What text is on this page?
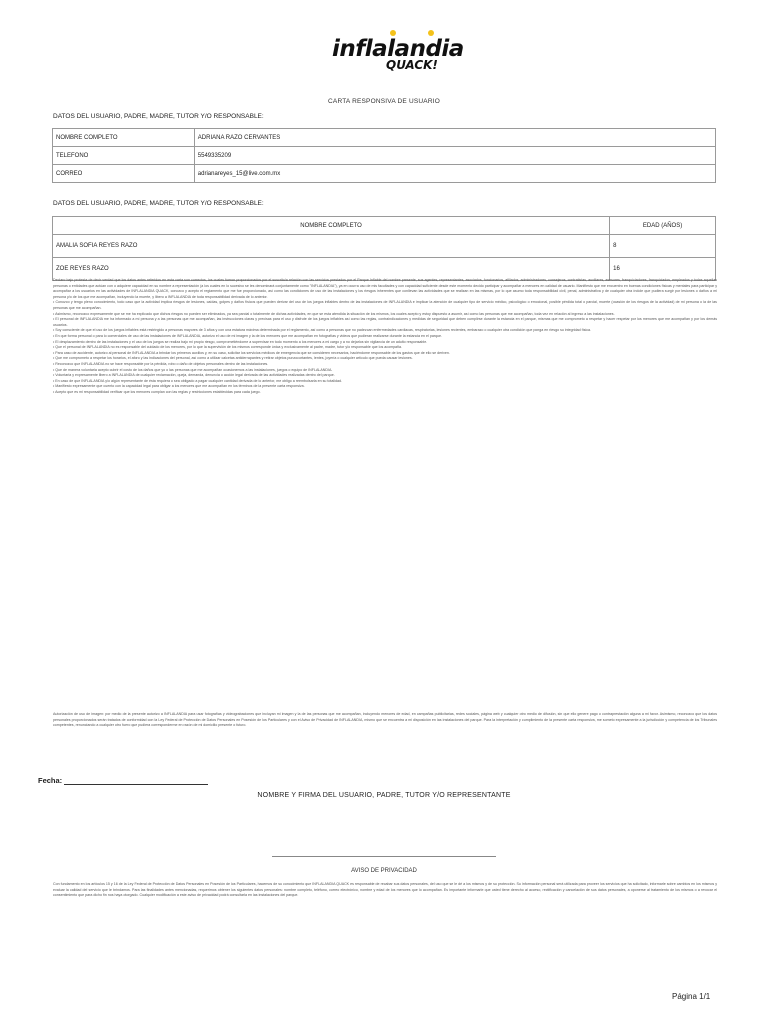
inflalandia
QUACK!
CARTA RESPONSIVA DE USUARIO
DATOS DEL USUARIO, PADRE, MADRE, TUTOR Y/O RESPONSABLE:
NOMBRE COMPLETO	ADRIANA RAZO CERVANTES
TELEFONO	5549335209
CORREO	adrianareyes_15@live.com.mx
DATOS DEL USUARIO, PADRE, MADRE, TUTOR Y/O RESPONSABLE:
NOMBRE COMPLETO	EDAD (AÑOS)
AMALIA SOFIA REYES RAZO	8
ZOE REYES RAZO	16

Declaro bajo protesta de decir verdad que los datos antes referidos en esta carta son correctos, los cuales fueron proporcionados por el suscrito/a relación con las servicios prestados por el Parque Inflable del nombre presente, sus agentes, representantes, asociados, funcionarios, afiliados, administradores, consejeros, contratistas, auxiliares, asesores, franquiciadores, franquiciados, empleados y todas aquellas personas o entidades que actúan con o adquiere capacidad en su nombre a representación (a los cuales en lo sucesivo se les denominará conjuntamente como "INFLALANDIA"), ya en ocurra uso de mis facultades y con capacidad suficiente desde este momento decido participar y acompañar a menores en calidad de usuario. Manifiesto que me encuentro en buenas condiciones físicas y mentales para participar y acompañar a los usuarios en las actividades de INFLALANDIA QUACK, conozco y acepto el reglamento que me fue proporcionado, así como las condiciones de uso de las instalaciones y los riesgos inherentes que conllevan las actividades que se realizan en las mismas, por lo que asumo toda responsabilidad civil, penal, administrativa y de cualquier otra índole que pudiera surgir por lesiones o daños a mi persona y/o de los que me acompañan, incluyendo la muerte, y libero a INFLALANDIA de toda responsabilidad derivada de lo anterior.

• Conozco y tengo pleno conocimiento, todo caso que la actividad implica riesgos de lesiones, caídas, golpes y daños físicos que pueden derivar del uso de los juegos inflables dentro de las instalaciones de INFLALANDIA e implicar la atención de cualquier tipo de servicio médico, psicológico o emocional, posible pérdida total o parcial, muerte (ocasión de los riesgos de la actividad) de mi persona o la de las personas que me acompañan.

• Asimismo, reconozco expresamente que se me ha explicado que dichos riesgos no pueden ser eliminados, ya sea parcial o totalmente de dichas actividades, en que se esta atendida la situación de los mismos, los cuales acepto y estoy dispuesto a asumir, así como las personas que me acompañan, toda vez en relación al ingreso a las instalaciones.

• El personal de INFLALANDIA me ha informado a mí persona y a las personas que me acompañan, las instrucciones claras y precisas para el uso y disfrute de los juegos inflables así como las reglas, contraindicaciones y medidas de seguridad que deben cumplirse durante la estancia en el parque, mismas que me comprometo a respetar y hacer respetar por los menores que me acompañan y por los demás usuarios.

• Soy consciente de que el uso de los juegos inflables está restringido a personas mayores de 3 años y con una estatura máxima determinada por el reglamento, así como a personas que no padezcan enfermedades cardiacas, respiratorias, lesiones recientes, embarazo o cualquier otra condición que ponga en riesgo su integridad física.

• En que forma personal o para lo comerciales de uso de las instalaciones de INFLALANDIA, autorizo el uso de mi imagen y la de los menores que me acompañan en fotografías y videos que pudieran realizarse durante la estancia en el parque.

• El desplazamiento dentro de las instalaciones y el uso de los juegos se realiza bajo mi propio riesgo, comprometiéndome a supervisar en todo momento a los menores a mi cargo y a no dejarlos sin vigilancia de un adulto responsable.

• Que el personal de INFLALANDIA no es responsable del cuidado de los menores, por lo que la supervisión de los mismos corresponde única y exclusivamente al padre, madre, tutor y/o responsable que los acompaña.

• Para caso de accidente, autorizo al personal de INFLALANDIA a brindar los primeros auxilios y, en su caso, solicitar los servicios médicos de emergencia que se consideren necesarios, haciéndome responsable de los gastos que de ello se deriven.

• Que me comprometo a respetar los horarios, el aforo y las indicaciones del personal, así como a utilizar calcetas antiderrapantes y retirar objetos punzocortantes, lentes, joyería o cualquier artículo que pueda causar lesiones.

• Reconozco que INFLALANDIA no se hace responsable por la pérdida, robo o daño de objetos personales dentro de las instalaciones.

• Que de manera voluntaria acepto cubrir el costo de los daños que yo o las personas que me acompañan ocasionemos a las instalaciones, juegos o equipo de INFLALANDIA.

• Voluntaria y expresamente libero a INFLALANDIA de cualquier reclamación, queja, demanda, denuncia o acción legal derivada de las actividades realizadas dentro del parque.

• En caso de que INFLALANDIA y/o algún representante de ésta requiera o sea obligado a pagar cualquier cantidad derivada de lo anterior, me obligo a reembolsarla en su totalidad.

• Manifiesto expresamente que cuento con la capacidad legal para obligar a los menores que me acompañan en los términos de la presente carta responsiva.

• Acepto que es mi responsabilidad verificar que los menores cumplan con las reglas y restricciones establecidas para cada juego.

Autorización de uso de imagen: por medio de la presente autorizo a INFLALANDIA para usar fotografías y videograbaciones que incluyan mi imagen y la de las personas que me acompañan, incluyendo menores de edad, en campañas publicitarias, redes sociales, página web y cualquier otro medio de difusión, sin que ello genere pago o contraprestación alguna a mi favor. Asimismo, reconozco que los datos personales proporcionados serán tratados de conformidad con la Ley Federal de Protección de Datos Personales en Posesión de los Particulares y con el Aviso de Privacidad de INFLALANDIA, mismo que se encuentra a mi disposición en las instalaciones del parque. Para la interpretación y cumplimiento de la presente carta responsiva, me someto expresamente a la jurisdicción y competencia de los Tribunales competentes, renunciando a cualquier otro fuero que pudiera corresponderme en razón de mi domicilio presente o futuro.

Fecha:
NOMBRE Y FIRMA DEL USUARIO, PADRE, TUTOR Y/O REPRESENTANTE
AVISO DE PRIVACIDAD

Con fundamento en los artículos 15 y 16 de la Ley Federal de Protección de Datos Personales en Posesión de los Particulares, hacemos de su conocimiento que INFLALANDIA QUACK es responsable de recabar sus datos personales, del uso que se le dé a los mismos y de su protección. Su información personal será utilizada para proveer los servicios que ha solicitado, informarle sobre cambios en los mismos y evaluar la calidad del servicio que le brindamos. Para las finalidades antes mencionadas, requerimos obtener los siguientes datos personales: nombre completo, teléfono, correo electrónico, nombre y edad de los menores que lo acompañan. Es importante informarle que usted tiene derecho al acceso, rectificación y cancelación de sus datos personales, a oponerse al tratamiento de los mismos o a revocar el consentimiento que para dicho fin nos haya otorgado. Cualquier modificación a este aviso de privacidad podrá consultarla en las instalaciones del parque.

Página 1/1
